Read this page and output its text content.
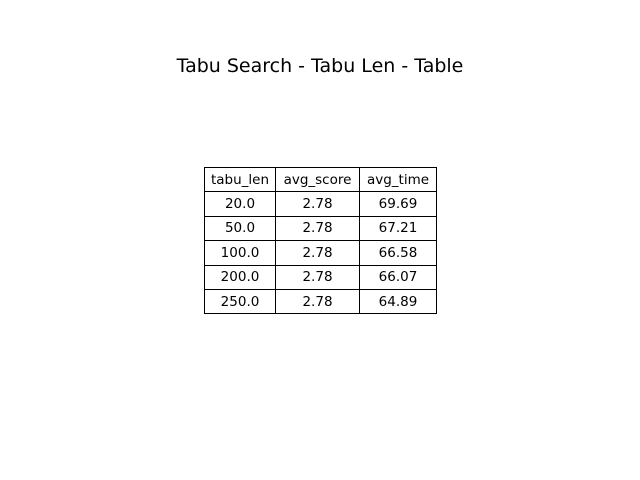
Tabu Search - Tabu Len - Table
tabu_len	avg_score	avg_time
20.0	2.78	69.69
50.0	2.78	67.21
100.0	2.78	66.58
200.0	2.78	66.07
250.0	2.78	64.89
